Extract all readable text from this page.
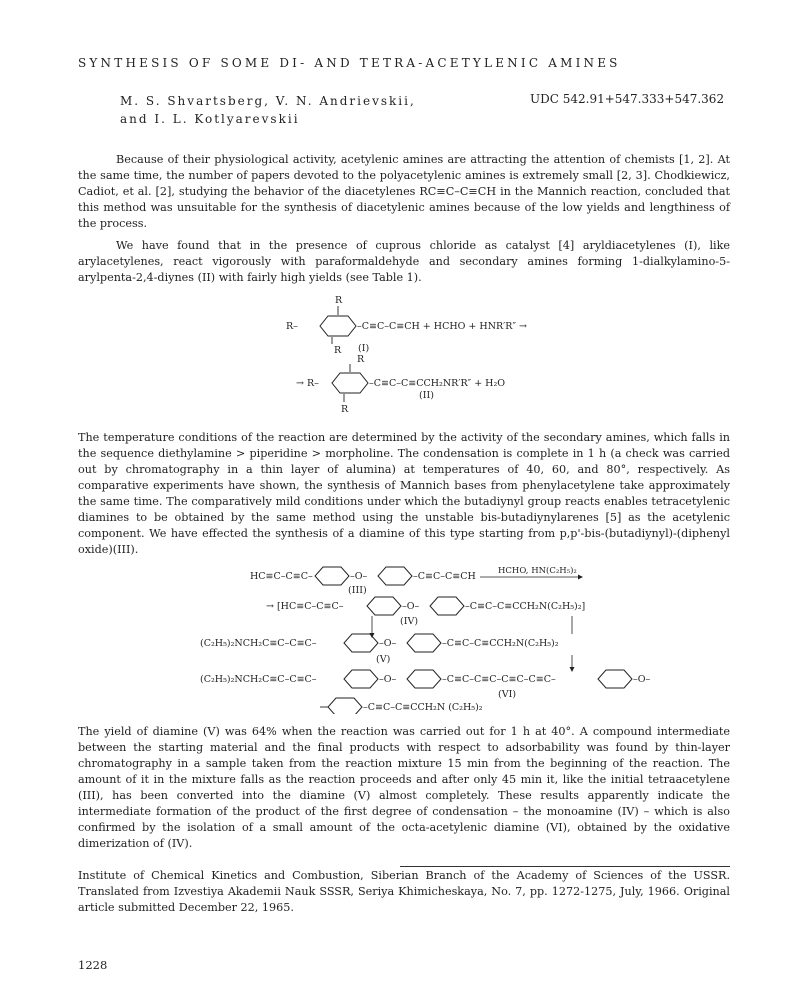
SYNTHESIS OF SOME DI- AND TETRA-ACETYLENIC AMINES
M. S. Shvartsberg, V. N. Andrievskii,
and I. L. Kotlyarevskii
UDC 542.91+547.333+547.362
Because of their physiological activity, acetylenic amines are attracting the attention of chemists [1, 2]. At the same time, the number of papers devoted to the polyacetylenic amines is extremely small [2, 3]. Chodkiewicz, Cadiot, et al. [2], studying the behavior of the diacetylenes RC≡C–C≡CH in the Mannich reaction, concluded that this method was unsuitable for the synthesis of diacetylenic amines because of the low yields and lengthiness of the process.
We have found that in the presence of cuprous chloride as catalyst [4] aryldiacetylenes (I), like arylacetylenes, react vigorously with paraformaldehyde and secondary amines forming 1-dialkylamino-5-arylpenta-2,4-diynes (II) with fairly high yields (see Table 1).
R
R–	–C≡C–C≡CH + HCHO + HNR′R″ →
R (I)
R
→ R–	–C≡C–C≡CCH₂NR′R″ + H₂O
(II)
R
The temperature conditions of the reaction are determined by the activity of the secondary amines, which falls in the sequence diethylamine > piperidine > morpholine. The condensation is complete in 1 h (a check was carried out by chromatography in a thin layer of alumina) at temperatures of 40, 60, and 80°, respectively. As comparative experiments have shown, the synthesis of Mannich bases from phenylacetylene take approximately the same time. The comparatively mild conditions under which the butadiynyl group reacts enables tetracetylenic diamines to be obtained by the same method using the unstable bis-butadiynylarenes [5] as the acetylenic component. We have effected the synthesis of a diamine of this type starting from p,p'-bis-(butadiynyl)-(diphenyl oxide)(III).
HC≡C–C≡C–	–O–	–C≡C–C≡CH	HCHO, HN(C₂H₅)₂
(III)
→ [HC≡C–C≡C–	–O–	–C≡C–C≡CCH₂N(C₂H₅)₂]
(IV)
(C₂H₅)₂NCH₂C≡C–C≡C–	–O–	–C≡C–C≡CCH₂N(C₂H₅)₂
(V)
(C₂H₅)₂NCH₂C≡C–C≡C–	–O–	–C≡C–C≡C–C≡C–C≡C–	–O–
(VI)
–C≡C–C≡CCH₂N (C₂H₅)₂
The yield of diamine (V) was 64% when the reaction was carried out for 1 h at 40°. A compound intermediate between the starting material and the final products with respect to adsorbability was found by thin-layer chromatography in a sample taken from the reaction mixture 15 min from the beginning of the reaction. The amount of it in the mixture falls as the reaction proceeds and after only 45 min it, like the initial tetraacetylene (III), has been converted into the diamine (V) almost completely. These results apparently indicate the intermediate formation of the product of the first degree of condensation – the monoamine (IV) – which is also confirmed by the isolation of a small amount of the octa-acetylenic diamine (VI), obtained by the oxidative dimerization of (IV).
Institute of Chemical Kinetics and Combustion, Siberian Branch of the Academy of Sciences of the USSR. Translated from Izvestiya Akademii Nauk SSSR, Seriya Khimicheskaya, No. 7, pp. 1272-1275, July, 1966. Original article submitted December 22, 1965.
1228
